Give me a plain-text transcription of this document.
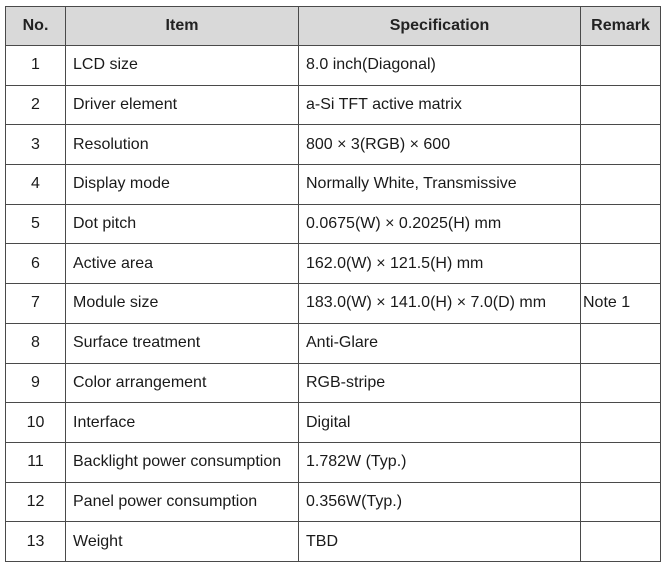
No.	Item	Specification	Remark
1	LCD size	8.0 inch(Diagonal)	
2	Driver element	a-Si TFT active matrix	
3	Resolution	800 × 3(RGB) × 600	
4	Display mode	Normally White, Transmissive	
5	Dot pitch	0.0675(W) × 0.2025(H) mm	
6	Active area	162.0(W) × 121.5(H) mm	
7	Module size	183.0(W) × 141.0(H) × 7.0(D) mm	Note 1
8	Surface treatment	Anti-Glare	
9	Color arrangement	RGB-stripe	
10	Interface	Digital	
11	Backlight power consumption	1.782W (Typ.)	
12	Panel power consumption	0.356W(Typ.)	
13	Weight	TBD	
